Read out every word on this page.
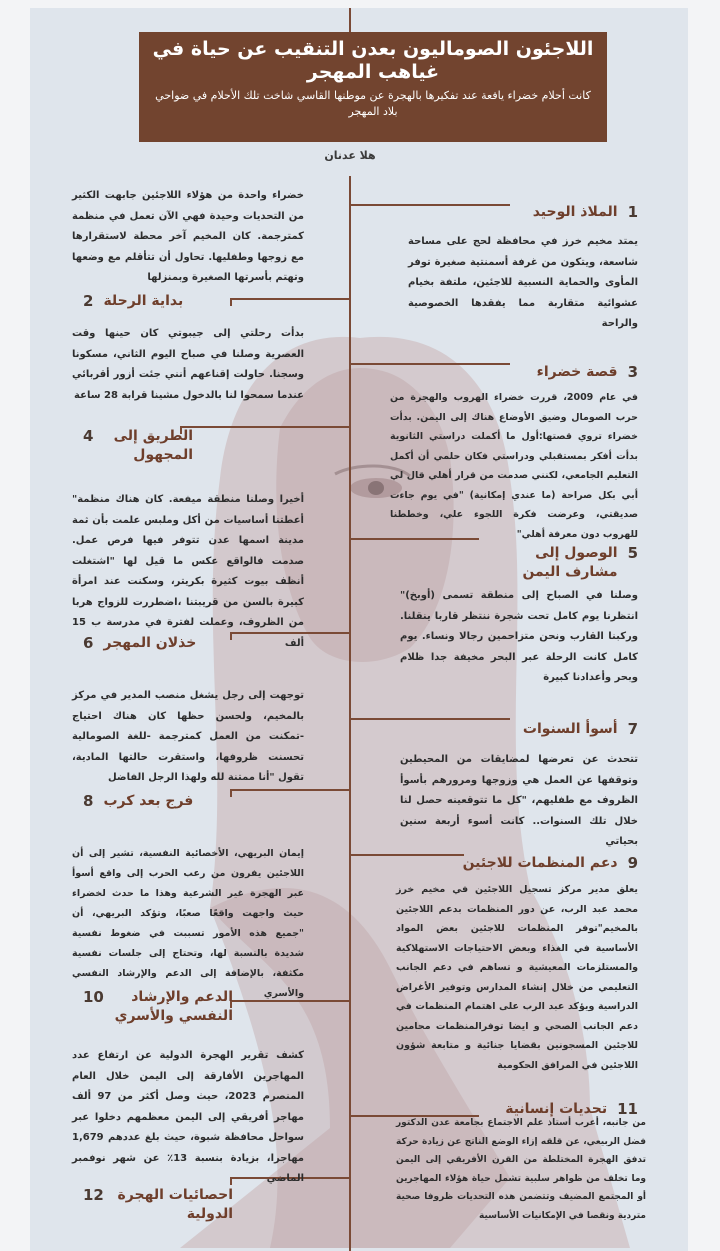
اللاجئون الصوماليون بعدن التنقيب عن حياة في غياهب المهجر
كانت أحلام خضراء يافعة عند تفكيرها بالهجرة عن موطنها القاسي شاخت تلك الأحلام في ضواحي بلاد المهجر
هلا عدنان
1
الملاذ الوحيد
يمتد مخيم خرز في محافظة لحج على مساحة شاسعة، ويتكون من غرفة أسمنتية صغيرة توفر المأوى والحماية النسبية للاجئين، ملتفة بخيام عشوائية متقاربة مما يفقدها الخصوصية والراحة
خضراء واحدة من هؤلاء اللاجئين جابهت الكثير من التحديات وحيدة فهي الآن تعمل في منظمة كمترجمة. كان المخيم آخر محطة لاستقرارها مع زوجها وطفليها. تحاول أن تتأقلم مع وضعها وتهتم بأسرتها الصغيرة وبمنزلها
2 بداية الرحلة
3
قصة خضراء
في عام 2009، قررت خضراء الهروب والهجرة من حرب الصومال وضيق الأوضاع هناك إلى اليمن. بدأت خضراء تروي قصتها:أول ما أكملت دراستي الثانوية بدأت أفكر بمستقبلي ودراستي فكان حلمي أن أكمل التعليم الجامعي، لكنني صدمت من قرار أهلي قال لي أبي بكل صراحة (ما عندي إمكانية) "في يوم جاءت صديقتي، وعرضت فكرة اللجوء علي، وخططنا للهروب دون معرفة أهلي"
بدأت رحلتي إلى جيبوتي كان حينها وقت العصرية وصلنا في صباح اليوم الثاني، مسكونا وسجنا. حاولت إقناعهم أنني جئت أزور أقربائي عندما سمحوا لنا بالدخول مشينا قرابة 28 ساعة
4	الطريق إلى المجهول
5
الوصول إلى مشارف اليمن
وصلنا في الصباح إلى منطقة تسمى (أوبخ)" انتظرنا يوم كامل تحت شجرة ننتظر قاربا ينقلنا. وركبنا القارب ونحن متزاحمين رجالا ونساء. يوم كامل كانت الرحلة عبر البحر مخيفة جدا ظلام وبحر وأعدادنا كبيرة
أخيرا وصلنا منطقة ميفعة. كان هناك منظمة" أعطتنا أساسيات من أكل وملبس علمت بأن ثمة مدينة اسمها عدن تتوفر فيها فرص عمل. صدمت فالواقع عكس ما قيل لها "اشتغلت أنظف بيوت كثيرة بكريتر، وسكنت عند امرأة كبيرة بالسن من قريبتنا ،اضطررت للزواج هربا من الظروف، وعملت لفترة في مدرسة ب 15 ألف
6 خذلان المهجر
7
أسوأ السنوات
تتحدث عن تعرضها لمضايقات من المحيطين وتوقفها عن العمل هي وزوجها ومرورهم بأسوأ الظروف مع طفليهم، "كل ما تتوقعينه حصل لنا خلال تلك السنوات.. كانت أسوء أربعة سنين بحياتي
توجهت إلى رجل يشغل منصب المدير في مركز بالمخيم، ولحسن حظها كان هناك احتياج -تمكنت من العمل كمترجمة -للغة الصومالية تحسنت ظروفها، واستقرت حالتها المادية، تقول "أنا ممتنة لله ولهذا الرجل الفاضل
8 فرج بعد كرب
9
دعم المنظمات للاجئين
يعلق مدير مركز تسجيل اللاجئين في مخيم خرز محمد عبد الرب، عن دور المنظمات بدعم اللاجئين بالمخيم"توفر المنظمات للاجئين بعض المواد الأساسية في الغذاء وبعض الاحتياجات الاستهلاكية والمستلزمات المعيشية و تساهم في دعم الجانب التعليمي من خلال إنشاء المدارس وتوفير الأغراض الدراسية ويؤكد عبد الرب على اهتمام المنظمات في دعم الجانب الصحي و ايضا توفرالمنظمات محامين للاجئين المسجونين بقضايا جنائية و متابعة شؤون اللاجئين في المرافق الحكومية
إيمان البريهي، الأخصائية النفسية، تشير إلى أن اللاجئين يفرون من رعب الحرب إلى واقع أسوأ عبر الهجرة غير الشرعية وهذا ما حدث لخضراء حيث واجهت واقعًا صعبًا، وتؤكد البريهي، أن "جميع هذه الأمور تسببت في ضغوط نفسية شديدة بالنسبة لها، وتحتاج إلى جلسات نفسية مكثفة، بالإضافة إلى الدعم والإرشاد النفسي والأسري
10	الدعم والإرشاد النفسي والأسري
11
تحديات إنسانية
من جانبه، أعرب أستاذ علم الاجتماع بجامعة عدن الدكتور فضل الربيعي، عن قلقه إزاء الوضع الناتج عن زيادة حركة تدفق الهجرة المختلطة من القرن الأفريقي إلى اليمن وما تخلف من ظواهر سلبية تشمل حياة هؤلاء المهاجرين أو المجتمع المضيف وتتضمن هذه التحديات ظروفا صحية متردية ونقصا في الإمكانيات الأساسية
كشف تقرير الهجرة الدولية عن ارتفاع عدد المهاجرين الأفارقة إلى اليمن خلال العام المنصرم 2023، حيث وصل أكثر من 97 ألف مهاجر أفريقي إلى اليمن معظمهم دخلوا عبر سواحل محافظة شبوة، حيث بلغ عددهم 1,679 مهاجرا، بزيادة بنسبة 13٪ عن شهر نوفمبر الماضي
12 احصائيات الهجرة الدولية
